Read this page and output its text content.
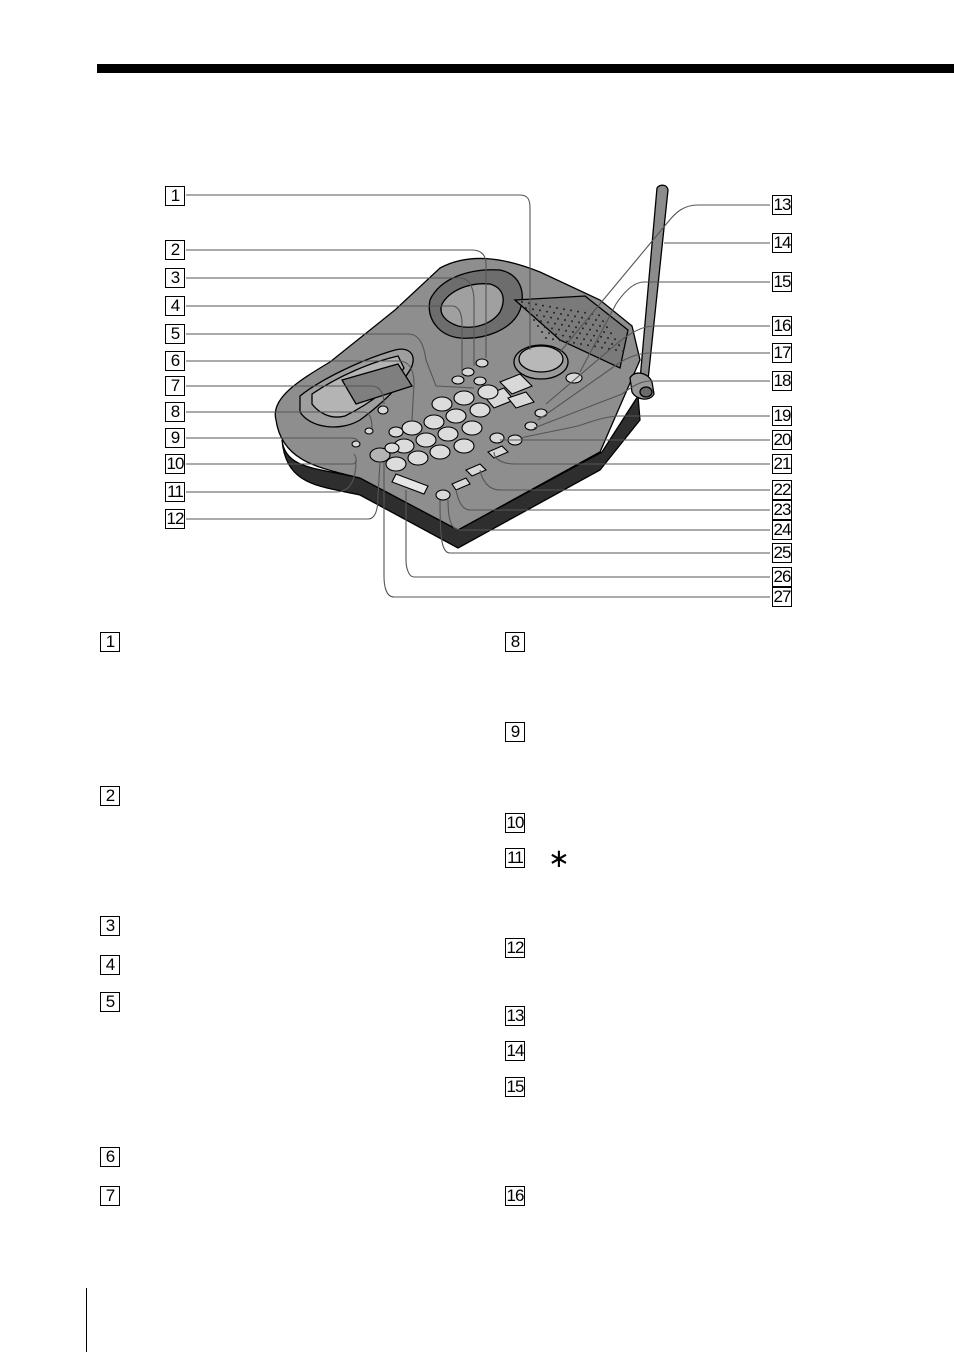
1
2
3
4
5
6
7
8
9
10
11
12
13
14
15
16
17
18
19
20
21
22
23
24
25
26
27
1
2
3
4
5
6
7
8
9
10
11
12
13
14
15
16
∗
